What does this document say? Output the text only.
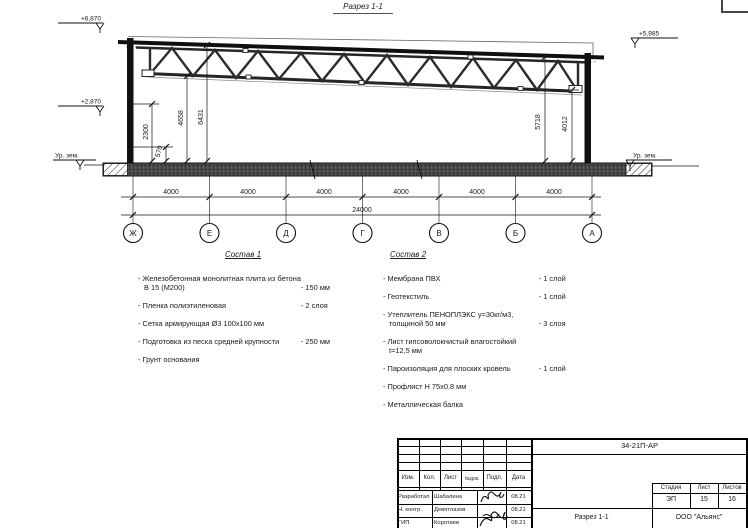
Разрез 1-1
+6,870
+2,870
Ур. зем.
+5,985
Ур. зем.
2300
570
4658 6431	5718	4012
4000	4000	4000	4000	4000	4000
24000
Ж	Е	Д	Г	В	Б	А
Состав 1
- Железобетонная монолитная плита из бетона В 15 (М200)	- 150 мм
- Пленка полиэтиленовая	- 2 слоя
- Сетка армирующая Ø3 100х100 мм
- Подготовка из песка средней крупности	- 250 мм
- Грунт основания
Состав 2
- Мембрана ПВХ	- 1 слой
- Геотекстиль	- 1 слой
- Утеплитель ПЕНОПЛЭКС у=30кг/м3, толщиной 50 мм	- 3 слоя
- Лист гипсоволокнистый влагостойкий t=12,5 мм
- Пароизоляция для плоских кровель	- 1 слой
- Профлист Н 75х0.8 мм
- Металлическая балка
34-21П-АР
Изм.	Кол.	Лист	№док.	Подп.	Дата
Разработал Шабалина	08.21
Н. контр.	Девятлазов	08.21
ГИП	Коротаев	08.21
Стадия	Лист	Листов
ЭП	15	16
Разрез 1-1	ООО "Альянс"
.
